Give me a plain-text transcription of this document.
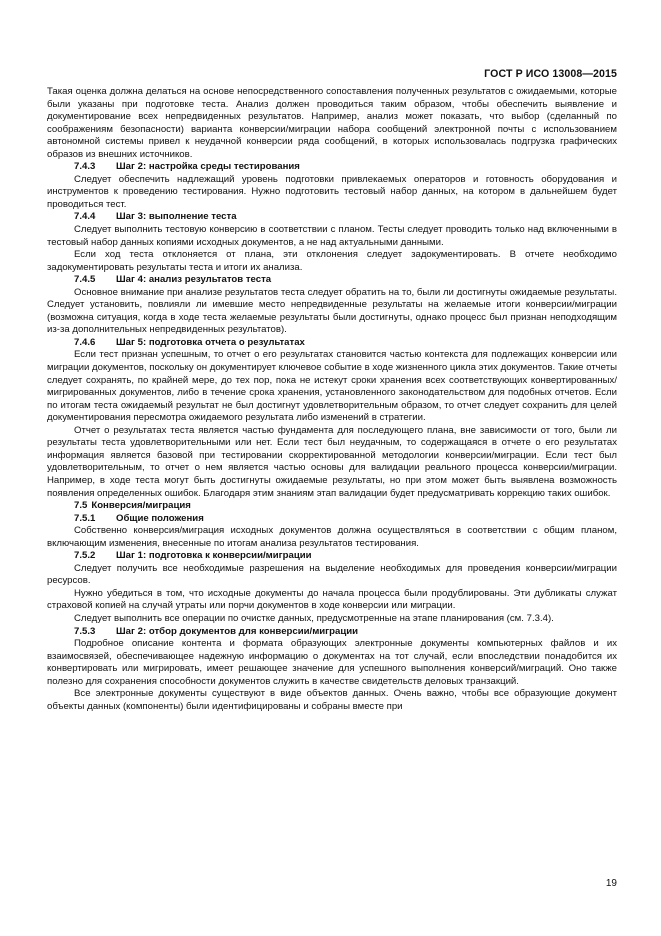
ГОСТ Р ИСО 13008—2015

Такая оценка должна делаться на основе непосредственного сопоставления полученных результатов с ожидаемыми, которые были указаны при подготовке теста. Анализ должен проводиться таким образом, чтобы обеспечить выявление и документирование всех непредвиденных результатов. Например, анализ может показать, что выбор (сделанный по соображениям безопасности) варианта конверсии/миграции набора сообщений электронной почты с использованием автономной системы привел к неудачной конверсии ряда сообщений, в которых использовалась подгрузка графических образов из внешних источников.

7.4.3 Шаг 2: настройка среды тестирования

Следует обеспечить надлежащий уровень подготовки привлекаемых операторов и готовность оборудования и инструментов к проведению тестирования. Нужно подготовить тестовый набор данных, на котором в дальнейшем будет проводиться тест.

7.4.4 Шаг 3: выполнение теста

Следует выполнить тестовую конверсию в соответствии с планом. Тесты следует проводить только над включенными в тестовый набор данных копиями исходных документов, а не над актуальными данными.

Если ход теста отклоняется от плана, эти отклонения следует задокументировать. В отчете необходимо задокументировать результаты теста и итоги их анализа.

7.4.5 Шаг 4: анализ результатов теста

Основное внимание при анализе результатов теста следует обратить на то, были ли достигнуты ожидаемые результаты. Следует установить, повлияли ли имевшие место непредвиденные результаты на желаемые итоги конверсии/миграции (возможна ситуация, когда в ходе теста желаемые результаты были достигнуты, однако процесс был признан неподходящим из-за дополнительных непредвиденных результатов).

7.4.6 Шаг 5: подготовка отчета о результатах

Если тест признан успешным, то отчет о его результатах становится частью контекста для подлежащих конверсии или миграции документов, поскольку он документирует ключевое событие в ходе жизненного цикла этих документов. Такие отчеты следует сохранять, по крайней мере, до тех пор, пока не истекут сроки хранения всех соответствующих конвертированных/мигрированных документов, либо в течение срока хранения, установленного законодательством для подобных отчетов. Если по итогам теста ожидаемый результат не был достигнут удовлетворительным образом, то отчет следует сохранить для целей документирования пересмотра ожидаемого результата либо изменений в стратегии.

Отчет о результатах теста является частью фундамента для последующего плана, вне зависимости от того, были ли результаты теста удовлетворительными или нет. Если тест был неудачным, то содержащаяся в отчете о его результатах информация является базовой при тестировании скорректированной методологии конверсии/миграции. Если тест был удовлетворительным, то отчет о нем является частью основы для валидации реального процесса конверсии/миграции. Например, в ходе теста могут быть достигнуты ожидаемые результаты, но при этом может быть выявлена возможность появления определенных ошибок. Благодаря этим знаниям этап валидации будет предусматривать коррекцию таких ошибок.

7.5 Конверсия/миграция
7.5.1 Общие положения

Собственно конверсия/миграция исходных документов должна осуществляться в соответствии с общим планом, включающим изменения, внесенные по итогам анализа результатов тестирования.

7.5.2 Шаг 1: подготовка к конверсии/миграции

Следует получить все необходимые разрешения на выделение необходимых для проведения конверсии/миграции ресурсов.

Нужно убедиться в том, что исходные документы до начала процесса были продублированы. Эти дубликаты служат страховой копией на случай утраты или порчи документов в ходе конверсии или миграции.

Следует выполнить все операции по очистке данных, предусмотренные на этапе планирования (см. 7.3.4).

7.5.3 Шаг 2: отбор документов для конверсии/миграции

Подробное описание контента и формата образующих электронные документы компьютерных файлов и их взаимосвязей, обеспечивающее надежную информацию о документах на тот случай, если впоследствии понадобится их конвертировать или мигрировать, имеет решающее значение для успешного выполнения конверсий/миграций. Оно также полезно для сохранения способности документов служить в качестве свидетельств деловых транзакций.

Все электронные документы существуют в виде объектов данных. Очень важно, чтобы все образующие документ объекты данных (компоненты) были идентифицированы и собраны вместе при

19
